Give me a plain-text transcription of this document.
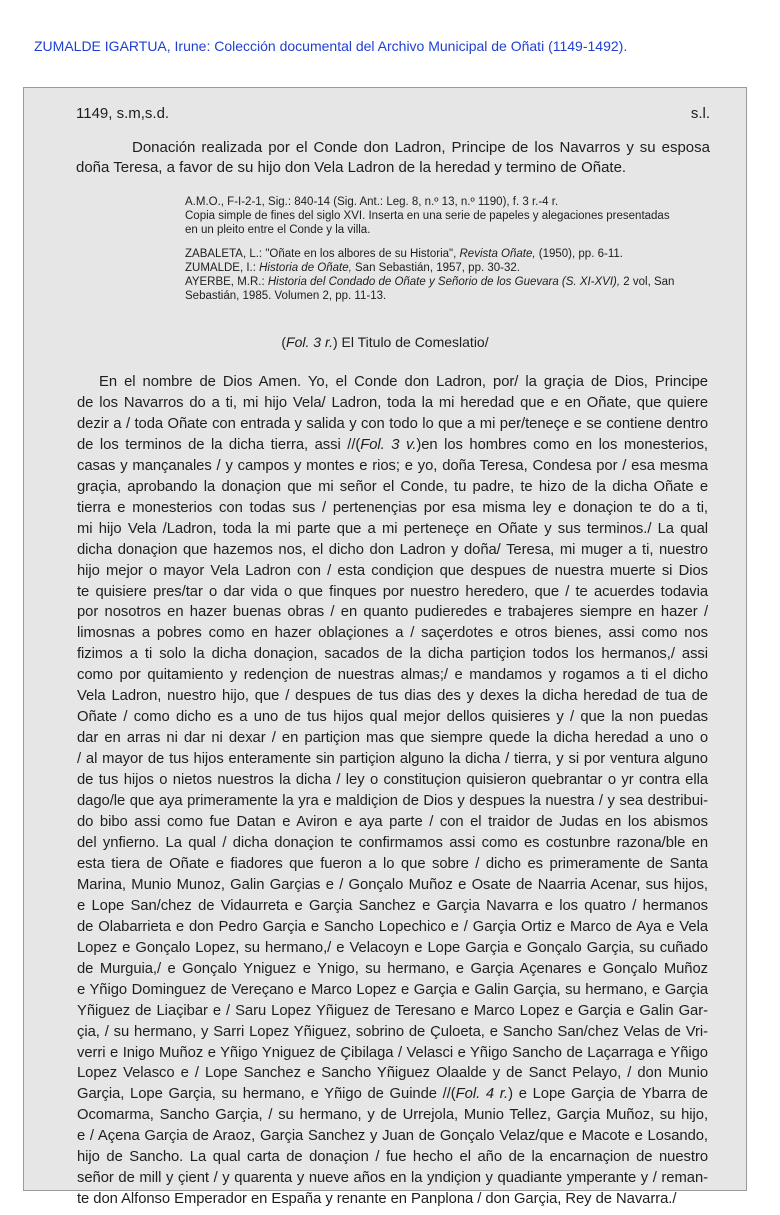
ZUMALDE IGARTUA, Irune: Colección documental del Archivo Municipal de Oñati (1149-1492).
1149, s.m,s.d.	s.l.
Donación realizada por el Conde don Ladron, Principe de los Navarros y su esposa doña Teresa, a favor de su hijo don Vela Ladron de la heredad y termino de Oñate.

A.M.O., F-I-2-1, Sig.: 840-14 (Sig. Ant.: Leg. 8, n.º 13, n.º 1190), f. 3 r.-4 r.
Copia simple de fines del siglo XVI. Inserta en una serie de papeles y alegaciones presentadas
en un pleito entre el Conde y la villa.

ZABALETA, L.: "Oñate en los albores de su Historia", Revista Oñate, (1950), pp. 6-11.
ZUMALDE, I.: Historia de Oñate, San Sebastián, 1957, pp. 30-32.
AYERBE, M.R.: Historia del Condado de Oñate y Señorio de los Guevara (S. XI-XVI), 2 vol, San
Sebastián, 1985. Volumen 2, pp. 11-13.

(Fol. 3 r.) El Titulo de Comeslatio/
En el nombre de Dios Amen. Yo, el Conde don Ladron, por/ la graçia de Dios, Principe
de los Navarros do a ti, mi hijo Vela/ Ladron, toda la mi heredad que e en Oñate, que quiere
dezir a / toda Oñate con entrada y salida y con todo lo que a mi per/teneçe e se contiene dentro
de los terminos de la dicha tierra, assi //(Fol. 3 v.)en los hombres como en los monesterios,
casas y mançanales / y campos y montes e rios; e yo, doña Teresa, Condesa por / esa mesma
graçia, aprobando la donaçion que mi señor el Conde, tu padre, te hizo de la dicha Oñate e
tierra e monesterios con todas sus / pertenençias por esa misma ley e donaçion te do a ti,
mi hijo Vela /Ladron, toda la mi parte que a mi perteneçe en Oñate y sus terminos./ La qual
dicha donaçion que hazemos nos, el dicho don Ladron y doña/ Teresa, mi muger a ti, nuestro
hijo mejor o mayor Vela Ladron con / esta condiçion que despues de nuestra muerte si Dios
te quisiere pres/tar o dar vida o que finques por nuestro heredero, que / te acuerdes todavia
por nosotros en hazer buenas obras / en quanto pudieredes e trabajeres siempre en hazer /
limosnas a pobres como en hazer oblaçiones a / saçerdotes e otros bienes, assi como nos
fizimos a ti solo la dicha donaçion, sacados de la dicha partiçion todos los hermanos,/ assi
como por quitamiento y redençion de nuestras almas;/ e mandamos y rogamos a ti el dicho
Vela Ladron, nuestro hijo, que / despues de tus dias des y dexes la dicha heredad de tua de
Oñate / como dicho es a uno de tus hijos qual mejor dellos quisieres y / que la non puedas
dar en arras ni dar ni dexar / en partiçion mas que siempre quede la dicha heredad a uno o
/ al mayor de tus hijos enteramente sin partiçion alguno la dicha / tierra, y si por ventura alguno
de tus hijos o nietos nuestros la dicha / ley o constituçion quisieron quebrantar o yr contra ella
dago/le que aya primeramente la yra e maldiçion de Dios y despues la nuestra / y sea destribui-
do bibo assi como fue Datan e Aviron e aya parte / con el traidor de Judas en los abismos
del ynfierno. La qual / dicha donaçion te confirmamos assi como es costunbre razona/ble en
esta tiera de Oñate e fiadores que fueron a lo que sobre / dicho es primeramente de Santa
Marina, Munio Munoz, Galin Garçias e / Gonçalo Muñoz e Osate de Naarria Acenar, sus hijos,
e Lope San/chez de Vidaurreta e Garçia Sanchez e Garçia Navarra e los quatro / hermanos
de Olabarrieta e don Pedro Garçia e Sancho Lopechico e / Garçia Ortiz e Marco de Aya e Vela
Lopez e Gonçalo Lopez, su hermano,/ e Velacoyn e Lope Garçia e Gonçalo Garçia, su cuñado
de Murguia,/ e Gonçalo Yniguez e Ynigo, su hermano, e Garçia Açenares e Gonçalo Muñoz
e Yñigo Dominguez de Vereçano e Marco Lopez e Garçia e Galin Garçia, su hermano, e Garçia
Yñiguez de Liaçibar e / Saru Lopez Yñiguez de Teresano e Marco Lopez e Garçia e Galin Gar-
çia, / su hermano, y Sarri Lopez Yñiguez, sobrino de Çuloeta, e Sancho San/chez Velas de Vri-
verri e Inigo Muñoz e Yñigo Yniguez de Çibilaga / Velasci e Yñigo Sancho de Laçarraga e Yñigo
Lopez Velasco e / Lope Sanchez e Sancho Yñiguez Olaalde y de Sanct Pelayo, / don Munio
Garçia, Lope Garçia, su hermano, e Yñigo de Guinde //(Fol. 4 r.) e Lope Garçia de Ybarra de
Ocomarma, Sancho Garçia, / su hermano, y de Urrejola, Munio Tellez, Garçia Muñoz, su hijo,
e / Açena Garçia de Araoz, Garçia Sanchez y Juan de Gonçalo Velaz/que e Macote e Losando,
hijo de Sancho. La qual carta de donaçion / fue hecho el año de la encarnaçion de nuestro
señor de mill y çient / y quarenta y nueve años en la yndiçion y quadiante ymperante y / reman-
te don Alfonso Emperador en España y renante en Panplona / don Garçia, Rey de Navarra./
